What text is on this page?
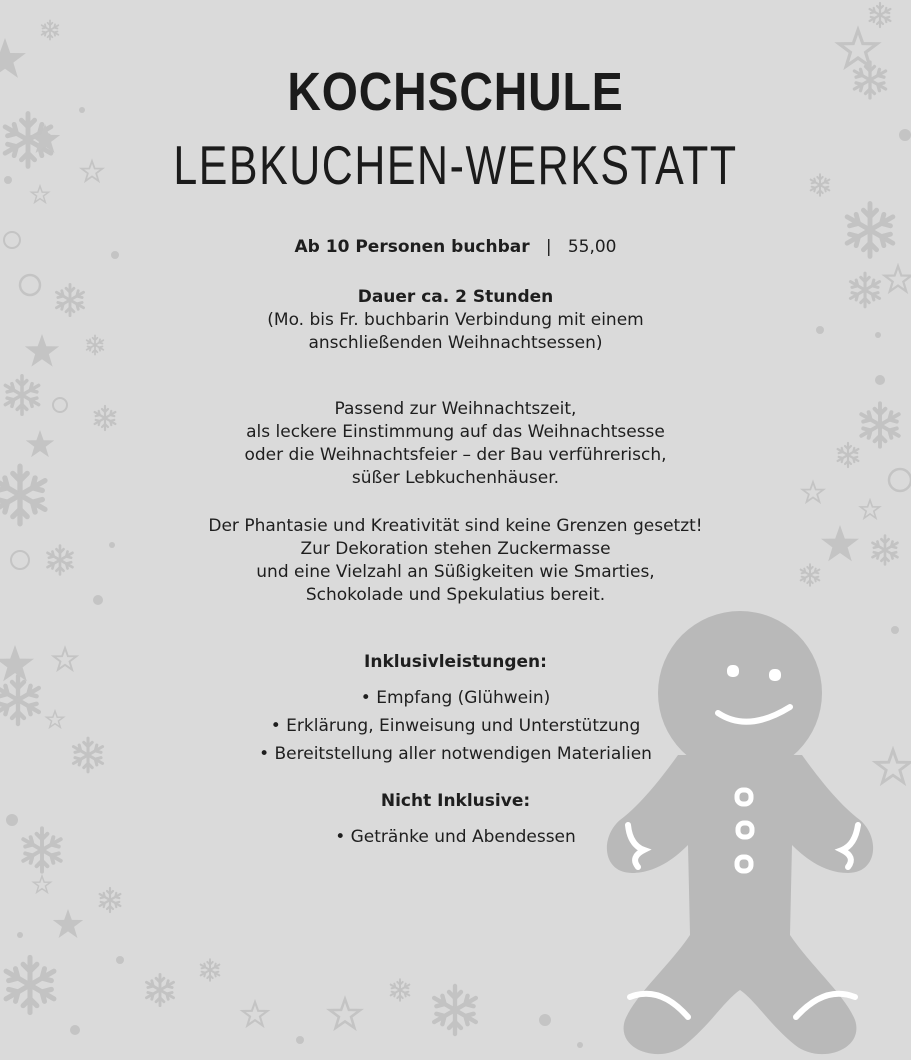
KOCHSCHULE
LEBKUCHEN-WERKSTATT
Ab 10 Personen buchbar | 55,00
Dauer ca. 2 Stunden
(Mo. bis Fr. buchbarin Verbindung mit einem
anschließenden Weihnachtsessen)
Passend zur Weihnachtszeit,
als leckere Einstimmung auf das Weihnachtsesse
oder die Weihnachtsfeier – der Bau verführerisch,
süßer Lebkuchenhäuser.
Der Phantasie und Kreativität sind keine Grenzen gesetzt!
Zur Dekoration stehen Zuckermasse
und eine Vielzahl an Süßigkeiten wie Smarties,
Schokolade und Spekulatius bereit.
Inklusivleistungen:
• Empfang (Glühwein)
• Erklärung, Einweisung und Unterstützung
• Bereitstellung aller notwendigen Materialien
Nicht Inklusive:
• Getränke und Abendessen
